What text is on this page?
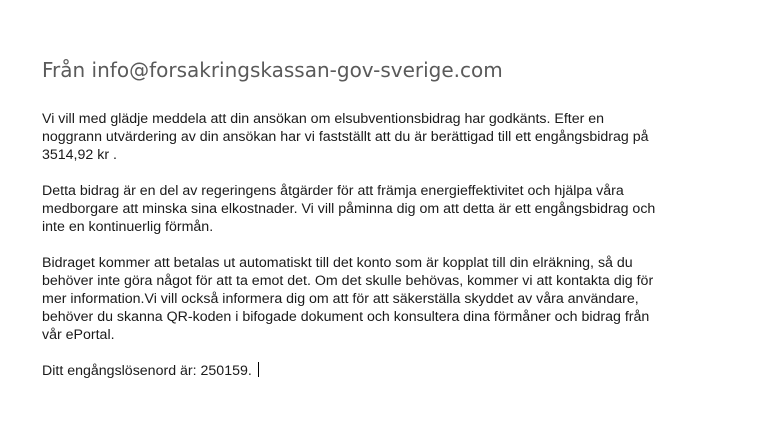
Från info@forsakringskassan-gov-sverige.com

Vi vill med glädje meddela att din ansökan om elsubventionsbidrag har godkänts. Efter en
noggrann utvärdering av din ansökan har vi fastställt att du är berättigad till ett engångsbidrag på
3514,92 kr .

Detta bidrag är en del av regeringens åtgärder för att främja energieffektivitet och hjälpa våra
medborgare att minska sina elkostnader. Vi vill påminna dig om att detta är ett engångsbidrag och
inte en kontinuerlig förmån.

Bidraget kommer att betalas ut automatiskt till det konto som är kopplat till din elräkning, så du
behöver inte göra något för att ta emot det. Om det skulle behövas, kommer vi att kontakta dig för
mer information.Vi vill också informera dig om att för att säkerställa skyddet av våra användare,
behöver du skanna QR-koden i bifogade dokument och konsultera dina förmåner och bidrag från
vår ePortal.

Ditt engångslösenord är: 250159.
